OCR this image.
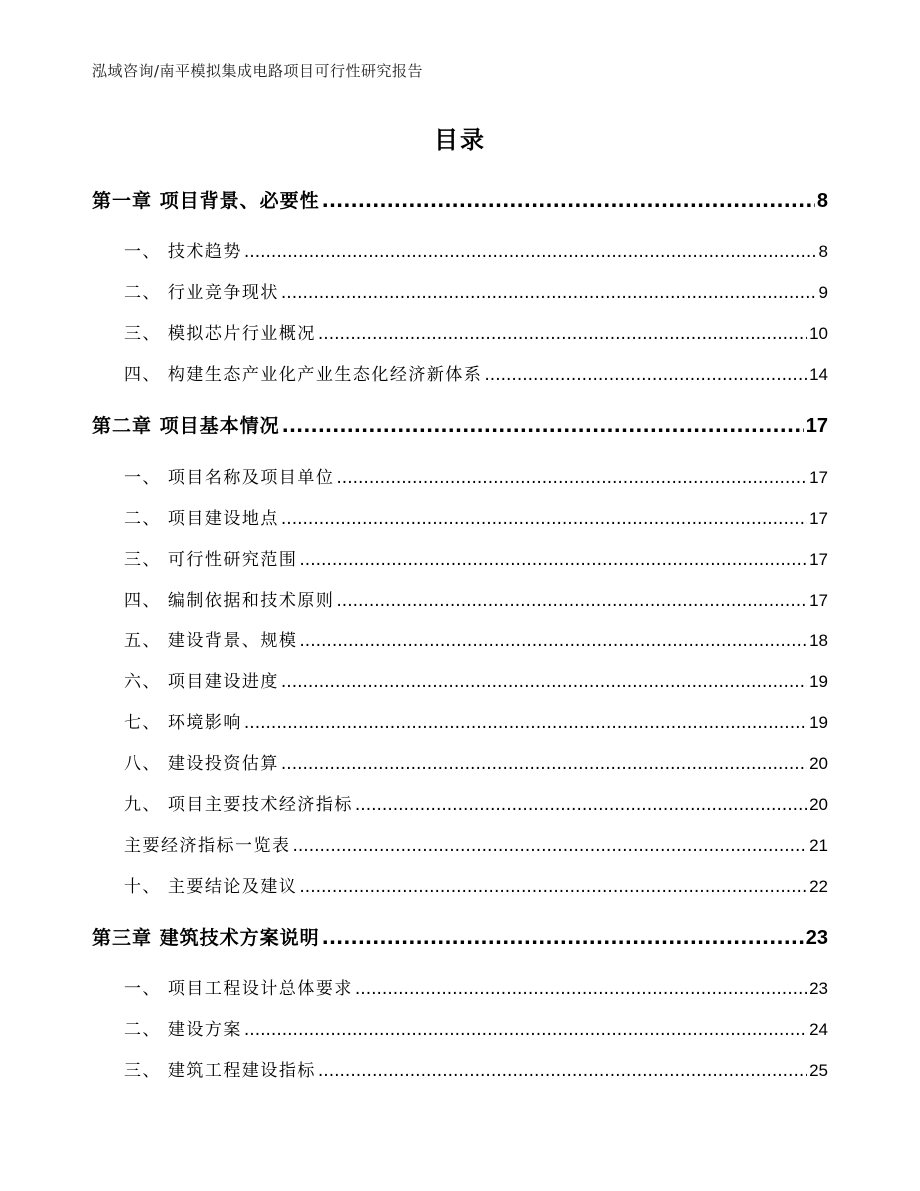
泓域咨询/南平模拟集成电路项目可行性研究报告
目录
第一章 项目背景、必要性 .....	8
一、 技术趋势 .....	8
二、 行业竞争现状 .....	9
三、 模拟芯片行业概况 .....	10
四、 构建生态产业化产业生态化经济新体系 .....	14
第二章 项目基本情况 .....	17
一、 项目名称及项目单位 .....	17
二、 项目建设地点 .....	17
三、 可行性研究范围 .....	17
四、 编制依据和技术原则 .....	17
五、 建设背景、规模 .....	18
六、 项目建设进度 .....	19
七、 环境影响 .....	19
八、 建设投资估算 .....	20
九、 项目主要技术经济指标 .....	20
主要经济指标一览表 .....	21
十、 主要结论及建议 .....	22
第三章 建筑技术方案说明 .....	23
一、 项目工程设计总体要求 .....	23
二、 建设方案 .....	24
三、 建筑工程建设指标 .....	25
